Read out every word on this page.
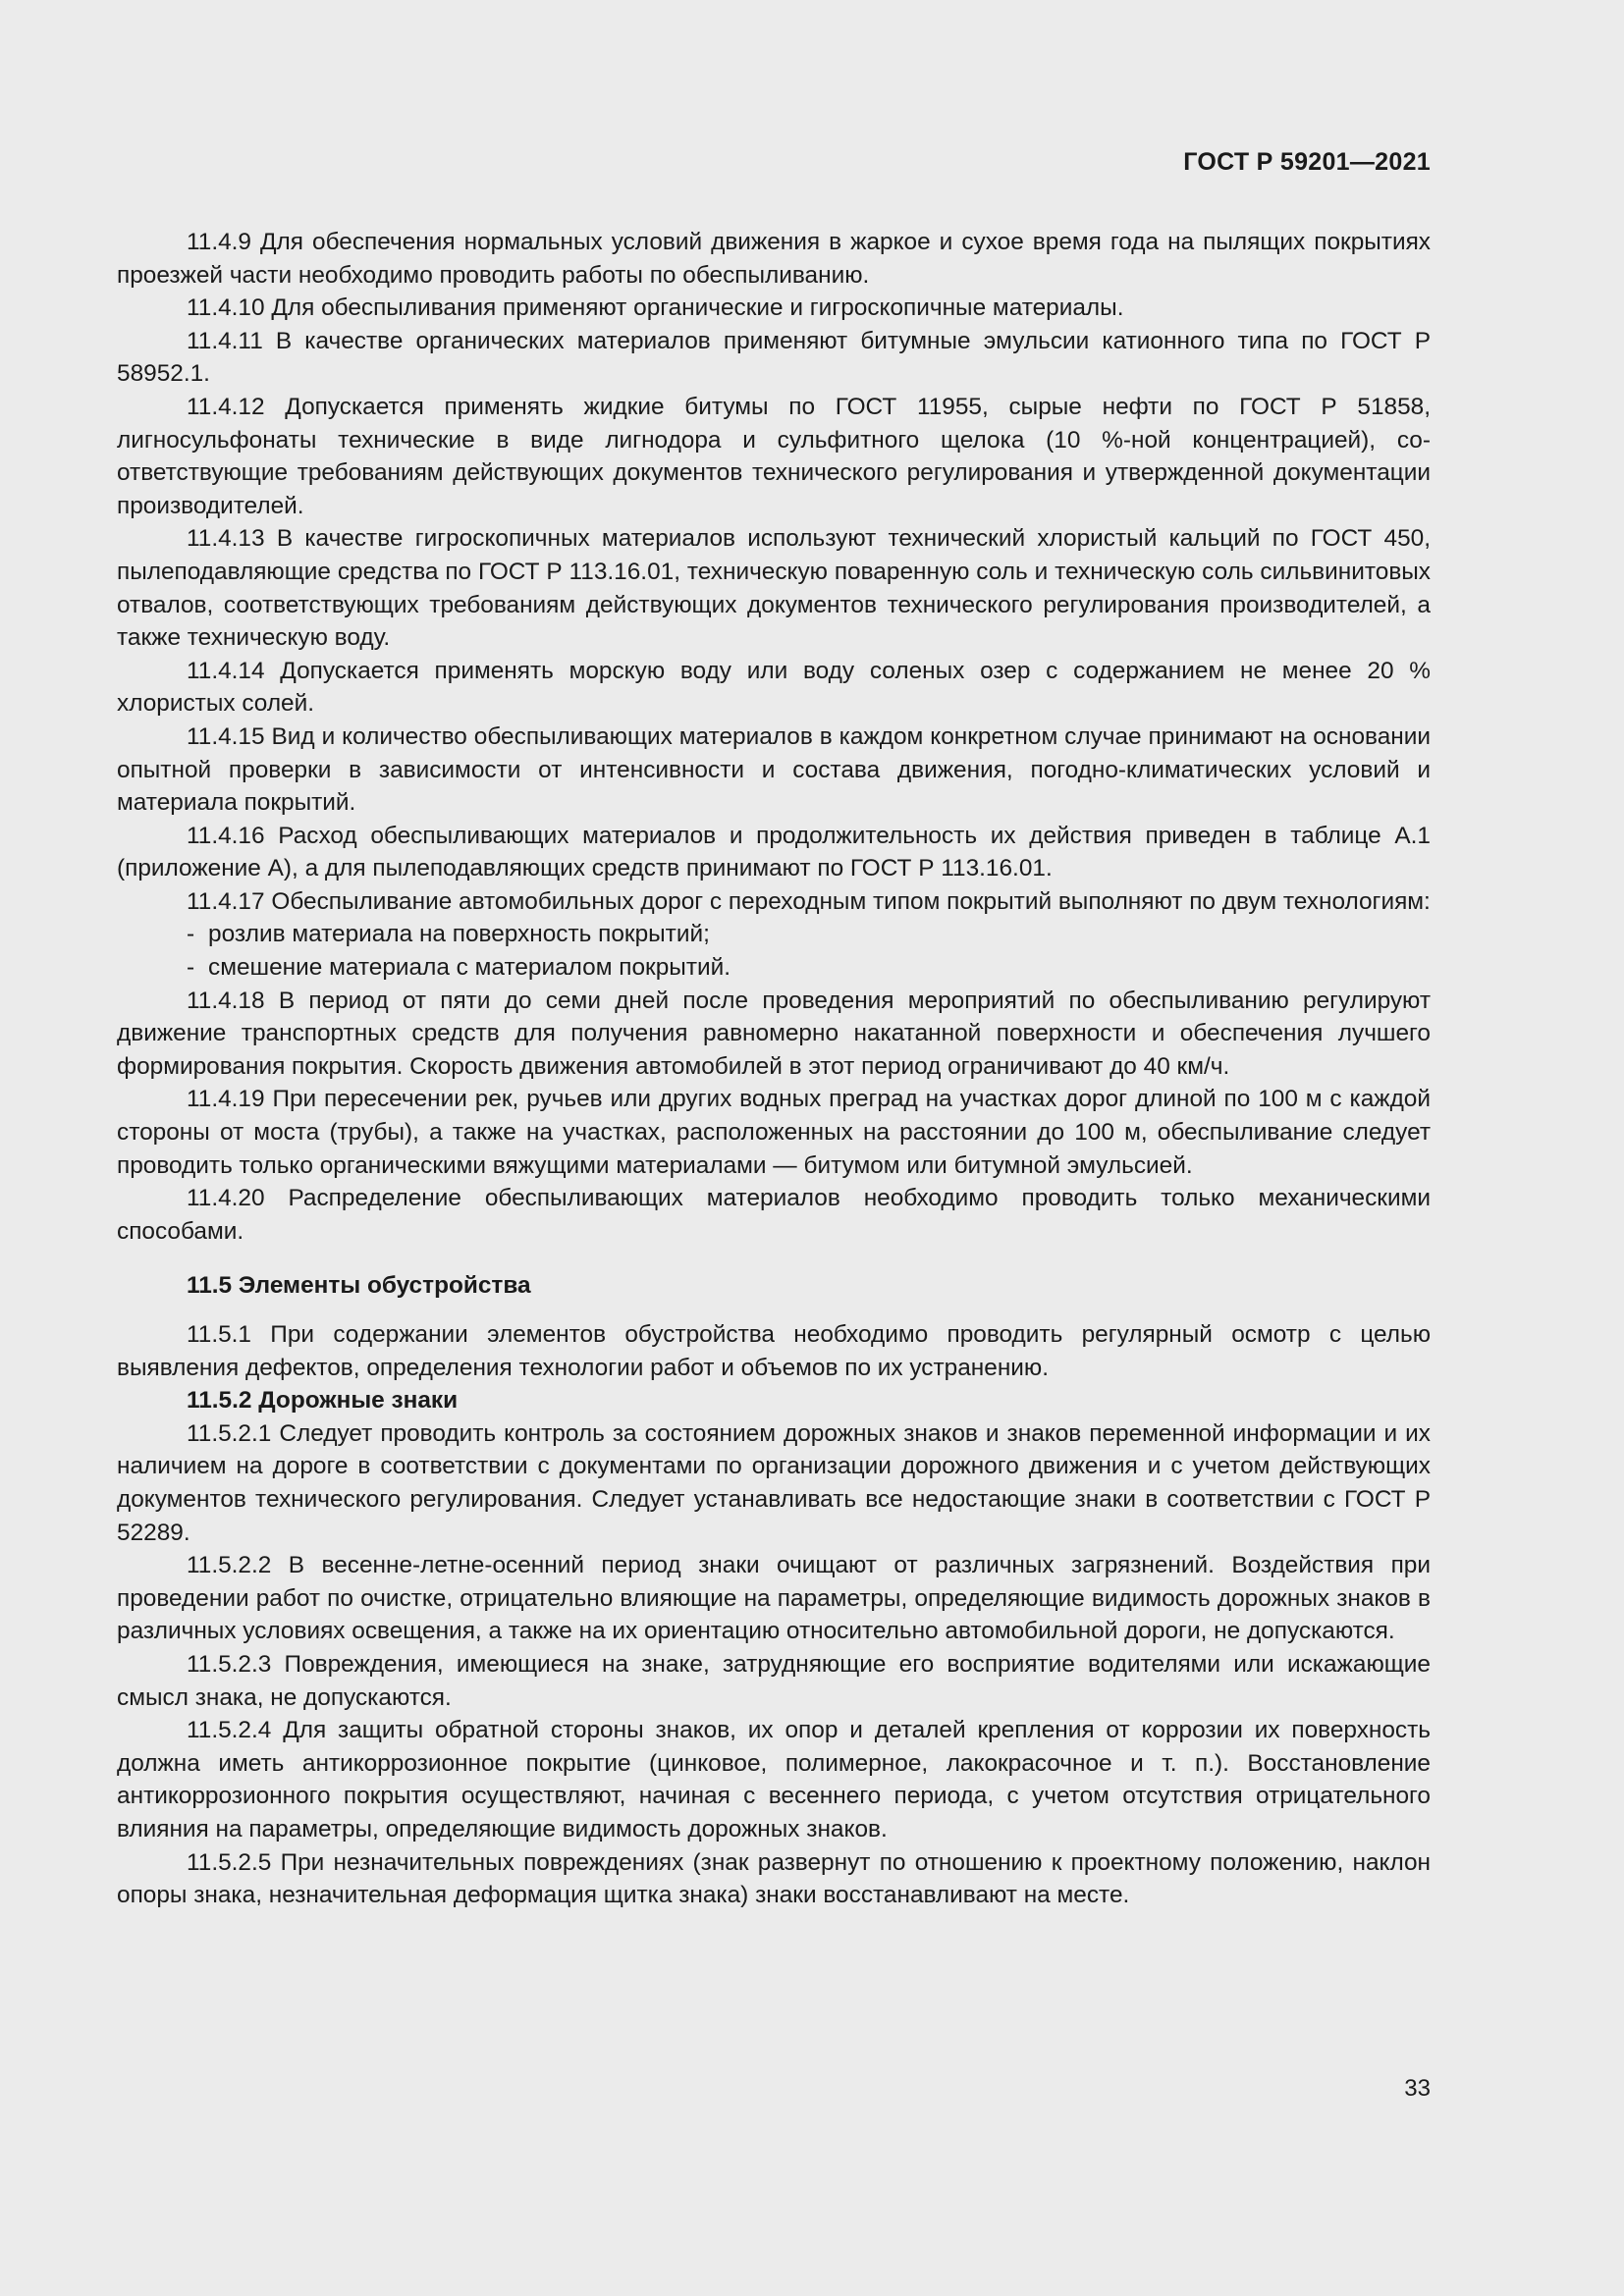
ГОСТ Р 59201—2021

11.4.9 Для обеспечения нормальных условий движения в жаркое и сухое время года на пылящих покрытиях проезжей части необходимо проводить работы по обеспыливанию.

11.4.10 Для обеспыливания применяют органические и гигроскопичные материалы.

11.4.11 В качестве органических материалов применяют битумные эмульсии катионного типа по ГОСТ Р 58952.1.

11.4.12 Допускается применять жидкие битумы по ГОСТ 11955, сырые нефти по ГОСТ Р 51858, лигносульфонаты технические в виде лигнодора и сульфитного щелока (10 %-ной концентрацией), соответствующие требованиям действующих документов технического регулирования и утвержденной документации производителей.

11.4.13 В качестве гигроскопичных материалов используют технический хлористый кальций по ГОСТ 450, пылеподавляющие средства по ГОСТ Р 113.16.01, техническую поваренную соль и техническую соль сильвинитовых отвалов, соответствующих требованиям действующих документов технического регулирования производителей, а также техническую воду.

11.4.14 Допускается применять морскую воду или воду соленых озер с содержанием не менее 20 % хлористых солей.

11.4.15 Вид и количество обеспыливающих материалов в каждом конкретном случае принимают на основании опытной проверки в зависимости от интенсивности и состава движения, погодно-климатических условий и материала покрытий.

11.4.16 Расход обеспыливающих материалов и продолжительность их действия приведен в таблице А.1 (приложение А), а для пылеподавляющих средств принимают по ГОСТ Р 113.16.01.

11.4.17 Обеспыливание автомобильных дорог с переходным типом покрытий выполняют по двум технологиям:

- розлив материала на поверхность покрытий;

- смешение материала с материалом покрытий.

11.4.18 В период от пяти до семи дней после проведения мероприятий по обеспыливанию регулируют движение транспортных средств для получения равномерно накатанной поверхности и обеспечения лучшего формирования покрытия. Скорость движения автомобилей в этот период ограничивают до 40 км/ч.

11.4.19 При пересечении рек, ручьев или других водных преград на участках дорог длиной по 100 м с каждой стороны от моста (трубы), а также на участках, расположенных на расстоянии до 100 м, обеспыливание следует проводить только органическими вяжущими материалами — битумом или битумной эмульсией.

11.4.20 Распределение обеспыливающих материалов необходимо проводить только механическими способами.

11.5 Элементы обустройства

11.5.1 При содержании элементов обустройства необходимо проводить регулярный осмотр с целью выявления дефектов, определения технологии работ и объемов по их устранению.

11.5.2 Дорожные знаки

11.5.2.1 Следует проводить контроль за состоянием дорожных знаков и знаков переменной информации и их наличием на дороге в соответствии с документами по организации дорожного движения и с учетом действующих документов технического регулирования. Следует устанавливать все недостающие знаки в соответствии с ГОСТ Р 52289.

11.5.2.2 В весенне-летне-осенний период знаки очищают от различных загрязнений. Воздействия при проведении работ по очистке, отрицательно влияющие на параметры, определяющие видимость дорожных знаков в различных условиях освещения, а также на их ориентацию относительно автомобильной дороги, не допускаются.

11.5.2.3 Повреждения, имеющиеся на знаке, затрудняющие его восприятие водителями или искажающие смысл знака, не допускаются.

11.5.2.4 Для защиты обратной стороны знаков, их опор и деталей крепления от коррозии их поверхность должна иметь антикоррозионное покрытие (цинковое, полимерное, лакокрасочное и т. п.). Восстановление антикоррозионного покрытия осуществляют, начиная с весеннего периода, с учетом отсутствия отрицательного влияния на параметры, определяющие видимость дорожных знаков.

11.5.2.5 При незначительных повреждениях (знак развернут по отношению к проектному положению, наклон опоры знака, незначительная деформация щитка знака) знаки восстанавливают на месте.

33
